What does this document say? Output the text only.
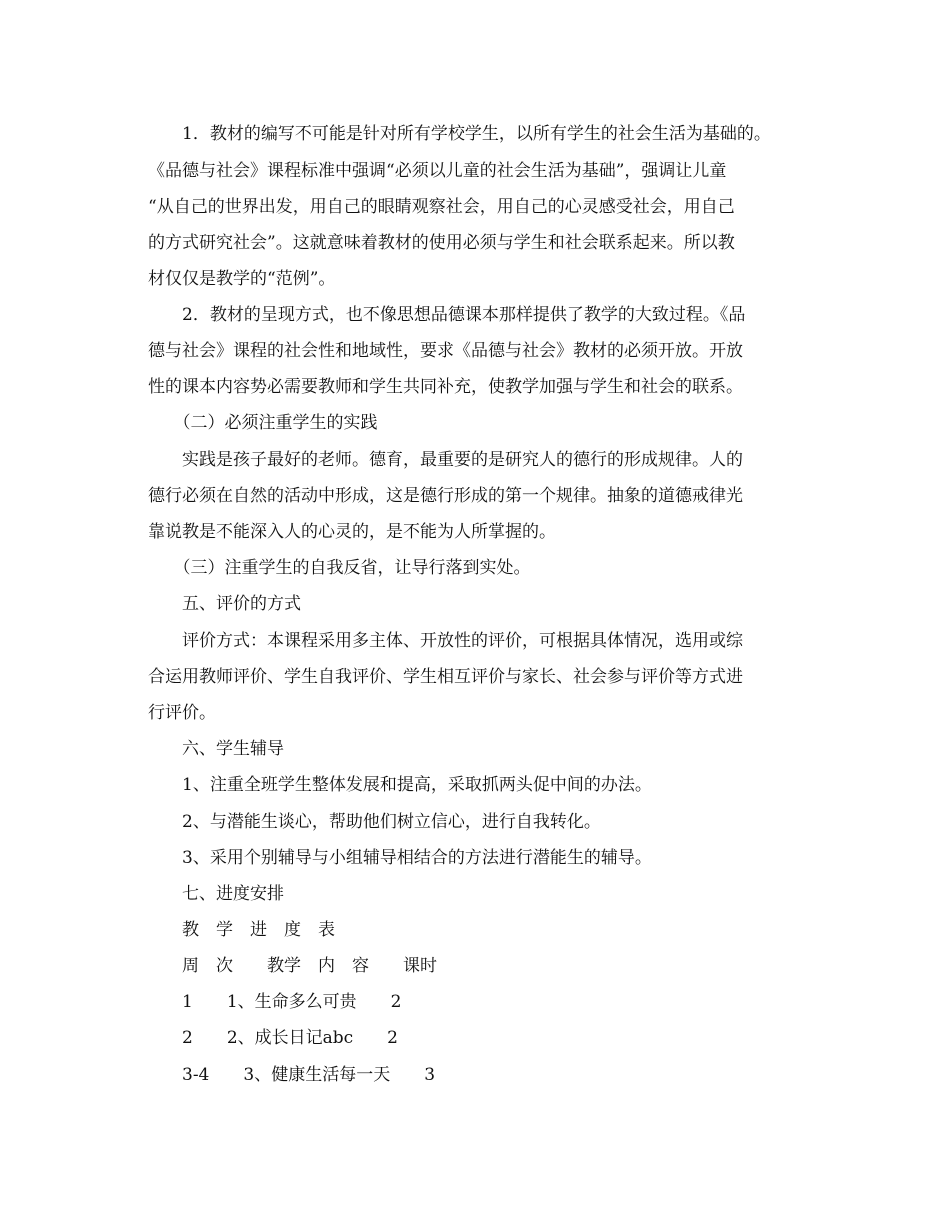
　　1．教材的编写不可能是针对所有学校学生，以所有学生的社会生活为基础的。
《品德与社会》课程标准中强调“必须以儿童的社会生活为基础”，强调让儿童
“从自己的世界出发，用自己的眼睛观察社会，用自己的心灵感受社会，用自己
的方式研究社会”。这就意味着教材的使用必须与学生和社会联系起来。所以教
材仅仅是教学的“范例”。
　　2．教材的呈现方式，也不像思想品德课本那样提供了教学的大致过程。《品
德与社会》课程的社会性和地域性，要求《品德与社会》教材的必须开放。开放
性的课本内容势必需要教师和学生共同补充，使教学加强与学生和社会的联系。
　　（二）必须注重学生的实践
　　实践是孩子最好的老师。德育，最重要的是研究人的德行的形成规律。人的
德行必须在自然的活动中形成，这是德行形成的第一个规律。抽象的道德戒律光
靠说教是不能深入人的心灵的，是不能为人所掌握的。
　　（三）注重学生的自我反省，让导行落到实处。
　　五、评价的方式
　　评价方式：本课程采用多主体、开放性的评价，可根据具体情况，选用或综
合运用教师评价、学生自我评价、学生相互评价与家长、社会参与评价等方式进
行评价。
　　六、学生辅导
　　1、注重全班学生整体发展和提高，采取抓两头促中间的办法。
　　2、与潜能生谈心，帮助他们树立信心，进行自我转化。
　　3、采用个别辅导与小组辅导相结合的方法进行潜能生的辅导。
　　七、进度安排
　　教　学　进　度　表
　　周　次　　教学　内　容　　课时
　　1　　1、生命多么可贵　　2
　　2　　2、成长日记abc　　2
　　3-4　　3、健康生活每一天　　3
